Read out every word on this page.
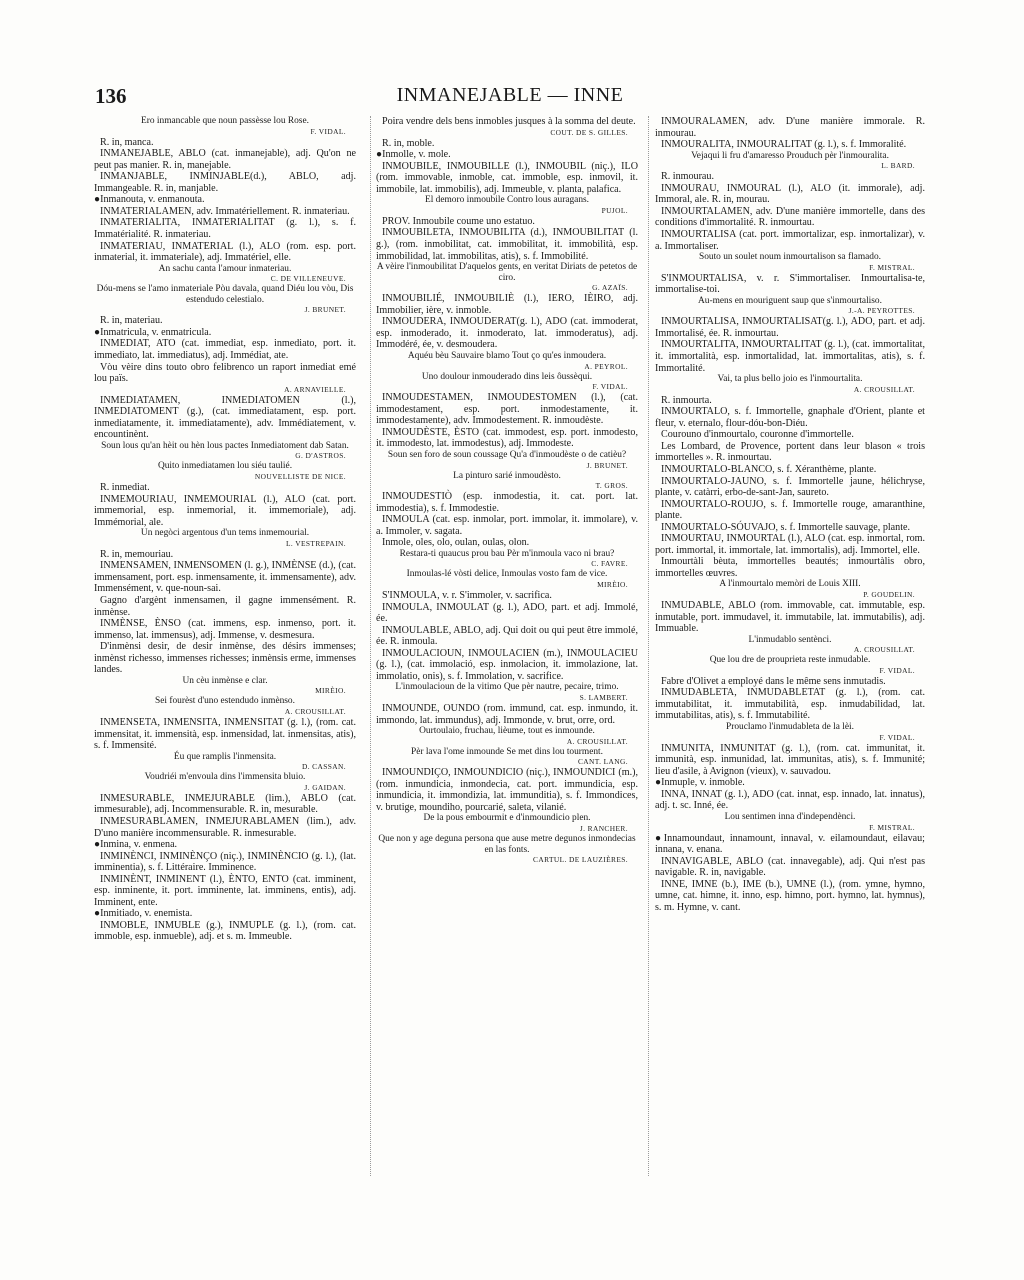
136	INMANEJABLE — INNE

Èro inmancable que noun passèsse lou Rose.

F. VIDAL.

R. in, manca.

INMANEJABLE, ABLO (cat. inmanejable), adj. Qu'on ne peut pas manier. R. in, manejable.

INMANJABLE, INMINJABLE(d.), ABLO, adj. Immangeable. R. in, manjable.

●Inmanouta, v. enmanouta.

INMATERIALAMEN, adv. Immatériellement. R. inmateriau.

INMATERIALITA, INMATERIALITAT (g. l.), s. f. Immatérialité. R. inmateriau.

INMATERIAU, INMATERIAL (l.), ALO (rom. esp. port. inmaterial, it. immateriale), adj. Immatériel, elle.

An sachu canta l'amour inmateriau.

C. DE VILLENEUVE.

Dóu-mens se l'amo inmateriale Pòu davala, quand Diéu lou vòu, Dis estendudo celestialo.

J. BRUNET.

R. in, materiau.

●Inmatricula, v. enmatricula.

INMEDIAT, ATO (cat. immediat, esp. inmediato, port. it. immediato, lat. immediatus), adj. Immédiat, ate.

Vòu vèire dins touto obro felibrenco un raport inmediat emé lou païs.

A. ARNAVIELLE.

INMEDIATAMEN, INMEDIATOMEN (l.), INMEDIATOMENT (g.), (cat. immediatament, esp. port. inmediatamente, it. immediatamente), adv. Immédiatement, v. encountinènt.

Soun lous qu'an hèit ou hèn lous pactes Inmediatoment dab Satan.

G. D'ASTROS.

Quito inmediatamen lou siéu taulié.

NOUVELLISTE DE NICE.

R. inmediat.

INMEMOURIAU, INMEMOURIAL (l.), ALO (cat. port. immemorial, esp. inmemorial, it. immemoriale), adj. Immémorial, ale.

Un negòci argentous d'un tems inmemourial.

L. VESTREPAIN.

R. in, memouriau.

INMENSAMEN, INMENSOMEN (l. g.), INMÈNSE (d.), (cat. immensament, port. esp. inmensamente, it. immensamente), adv. Immensément, v. que-noun-sai.

Gagno d'argènt inmensamen, il gagne immensément. R. inmènse.

INMÈNSE, ÈNSO (cat. immens, esp. inmenso, port. it. immenso, lat. immensus), adj. Immense, v. desmesura.

D'inmènsi desir, de desir inmènse, des désirs immenses; inmènst richesso, immenses richesses; inmènsis erme, immenses landes.

Un cèu inmènse e clar.

MIRÈIO.

Sei fourèst d'uno estendudo inmènso.

A. CROUSILLAT.

INMENSETA, INMENSITA, INMENSITAT (g. l.), (rom. cat. immensitat, it. immensità, esp. inmensidad, lat. inmensitas, atis), s. f. Immensité.

Éu que ramplis l'inmensita.

D. CASSAN.

Voudriéi m'envoula dins l'immensita bluio.

J. GAIDAN.

INMESURABLE, INMEJURABLE (lim.), ABLO (cat. immesurable), adj. Incommensurable. R. in, mesurable.

INMESURABLAMEN, INMEJURABLAMEN (lim.), adv. D'uno manière incommensurable. R. inmesurable.

●Inmina, v. enmena.

INMINÈNCI, INMINÈNÇO (niç.), INMINÈNCIO (g. l.), (lat. imminentia), s. f. Littéraire. Imminence.

INMINÈNT, INMINENT (l.), ÈNTO, ENTO (cat. imminent, esp. inminente, it. port. imminente, lat. imminens, entis), adj. Imminent, ente.

●Inmitiado, v. enemista.

INMOBLE, INMUBLE (g.), INMUPLE (g. l.), (rom. cat. immoble, esp. inmueble), adj. et s. m. Immeuble.

Poira vendre dels bens inmobles jusques à la somma del deute.

COUT. DE S. GILLES.

R. in, moble.

●Inmolle, v. mole.

INMOUBILE, INMOUBILLE (l.), INMOUBIL (niç.), ILO (rom. immovable, inmoble, cat. immoble, esp. inmovil, it. immobile, lat. immobilis), adj. Immeuble, v. planta, palafica.

El demoro inmoubile Contro lous auragans.

PUJOL.

PROV. Inmoubile coume uno estatuo.

INMOUBILETA, INMOUBILITA (d.), INMOUBILITAT (l. g.), (rom. inmobilitat, cat. immobilitat, it. immobilità, esp. immobilidad, lat. immobilitas, atis), s. f. Immobilité.

A vèire l'inmoubilitat D'aquelos gents, en veritat Diriats de petetos de ciro.

G. AZAÏS.

INMOUBILIÉ, INMOUBILIÈ (l.), IERO, IÈIRO, adj. Immobilier, ière, v. inmoble.

INMOUDERA, INMOUDERAT(g. l.), ADO (cat. immoderat, esp. inmoderado, it. inmoderato, lat. immoderatus), adj. Immodéré, ée, v. desmoudera.

Aquéu bèu Sauvaire blamo Tout ço qu'es inmoudera.

A. PEYROL.

Uno doulour inmouderado dins leis ôussèqui.

F. VIDAL.

INMOUDESTAMEN, INMOUDESTOMEN (l.), (cat. immodestament, esp. port. inmodestamente, it. immodestamente), adv. Immodestement. R. inmoudèste.

INMOUDÈSTE, ÈSTO (cat. immodest, esp. port. inmodesto, it. immodesto, lat. immodestus), adj. Immodeste.

Soun sen foro de soun coussage Qu'a d'inmoudèste o de catièu?

J. BRUNET.

La pinturo sarié inmoudèsto.

T. GROS.

INMOUDESTIÒ (esp. inmodestia, it. cat. port. lat. immodestia), s. f. Immodestie.

INMOULA (cat. esp. inmolar, port. immolar, it. immolare), v. a. Immoler, v. sagata.

Inmole, oles, olo, oulan, oulas, olon.

Restara-ti quaucus prou bau Pèr m'inmoula vaco ni brau?

C. FAVRE.

Inmoulas-lé vòsti delice, Inmoulas vosto fam de vice.

MIRÈIO.

S'INMOULA, v. r. S'immoler, v. sacrifica.

INMOULA, INMOULAT (g. l.), ADO, part. et adj. Immolé, ée.

INMOULABLE, ABLO, adj. Qui doit ou qui peut être immolé, ée. R. inmoula.

INMOULACIOUN, INMOULACIEN (m.), INMOULACIEU (g. l.), (cat. immolació, esp. inmolacion, it. immolazione, lat. immolatio, onis), s. f. Immolation, v. sacrifice.

L'inmoulacioun de la vitimo Que pèr nautre, pecaire, trimo.

S. LAMBERT.

INMOUNDE, OUNDO (rom. immund, cat. esp. inmundo, it. immondo, lat. immundus), adj. Immonde, v. brut, orre, ord.

Ourtoulaio, fruchau, lièume, tout es inmounde.

A. CROUSILLAT.

Pèr lava l'ome inmounde Se met dins lou tourment.

CANT. LANG.

INMOUNDIÇO, INMOUNDICIO (niç.), INMOUNDICI (m.), (rom. inmundicia, inmondecia, cat. port. immundicia, esp. inmundicia, it. immondizia, lat. immunditia), s. f. Immondices, v. brutige, moundiho, pourcarié, saleta, vilanié.

De la pous embourmit e d'inmoundicio plen.

J. RANCHER.

Que non y age deguna persona que ause metre degunos inmondecias en las fonts.

CARTUL. DE LAUZIÈRES.

INMOURALAMEN, adv. D'une manière immorale. R. inmourau.

INMOURALITA, INMOURALITAT (g. l.), s. f. Immoralité.

Vejaqui li fru d'amaresso Prouduch pèr l'inmouralita.

L. BARD.

R. inmourau.

INMOURAU, INMOURAL (l.), ALO (it. immorale), adj. Immoral, ale. R. in, mourau.

INMOURTALAMEN, adv. D'une manière immortelle, dans des conditions d'immortalité. R. inmourtau.

INMOURTALISA (cat. port. immortalizar, esp. inmortalizar), v. a. Immortaliser.

Souto un soulet noum inmourtalison sa flamado.

F. MISTRAL.

S'INMOURTALISA, v. r. S'immortaliser. Inmourtalisa-te, immortalise-toi.

Au-mens en mouriguent saup que s'inmourtaliso.

J.-A. PEYROTTES.

INMOURTALISA, INMOURTALISAT(g. l.), ADO, part. et adj. Immortalisé, ée. R. inmourtau.

INMOURTALITA, INMOURTALITAT (g. l.), (cat. immortalitat, it. immortalità, esp. inmortalidad, lat. immortalitas, atis), s. f. Immortalité.

Vai, ta plus bello joio es l'inmourtalita.

A. CROUSILLAT.

R. inmourta.

INMOURTALO, s. f. Immortelle, gnaphale d'Orient, plante et fleur, v. eternalo, flour-dóu-bon-Diéu.

Courouno d'inmourtalo, couronne d'immortelle.

Les Lombard, de Provence, portent dans leur blason « trois immortelles ». R. inmourtau.

INMOURTALO-BLANCO, s. f. Xéranthème, plante.

INMOURTALO-JAUNO, s. f. Immortelle jaune, hélichryse, plante, v. catàrri, erbo-de-sant-Jan, saureto.

INMOURTALO-ROUJO, s. f. Immortelle rouge, amaranthine, plante.

INMOURTALO-SÓUVAJO, s. f. Immortelle sauvage, plante.

INMOURTAU, INMOURTAL (l.), ALO (cat. esp. inmortal, rom. port. immortal, it. immortale, lat. immortalis), adj. Immortel, elle.

Inmourtàli bèuta, immortelles beautés; inmourtàlis obro, immortelles œuvres.

A l'inmourtalo memòri de Louis XIII.

P. GOUDELIN.

INMUDABLE, ABLO (rom. immovable, cat. immutable, esp. inmutable, port. immudavel, it. immutabile, lat. immutabilis), adj. Immuable.

L'inmudablo sentènci.

A. CROUSILLAT.

Que lou dre de prouprieta reste inmudable.

F. VIDAL.

Fabre d'Olivet a employé dans le même sens inmutadis.

INMUDABLETA, INMUDABLETAT (g. l.), (rom. cat. immutabilitat, it. immutabilità, esp. inmudabilidad, lat. immutabilitas, atis), s. f. Immutabilité.

Prouclamo l'inmudableta de la lèi.

F. VIDAL.

INMUNITA, INMUNITAT (g. l.), (rom. cat. immunitat, it. immunità, esp. inmunidad, lat. immunitas, atis), s. f. Immunité; lieu d'asile, à Avignon (vieux), v. sauvadou.

●Inmuple, v. inmoble.

INNA, INNAT (g. l.), ADO (cat. innat, esp. innado, lat. innatus), adj. t. sc. Inné, ée.

Lou sentimen inna d'independènci.

F. MISTRAL.

●Innamoundaut, innamount, innaval, v. eilamoundaut, eilavau; innana, v. enana.

INNAVIGABLE, ABLO (cat. innavegable), adj. Qui n'est pas navigable. R. in, navigable.

INNE, IMNE (b.), IME (b.), UMNE (l.), (rom. ymne, hymno, umne, cat. himne, it. inno, esp. himno, port. hymno, lat. hymnus), s. m. Hymne, v. cant.
